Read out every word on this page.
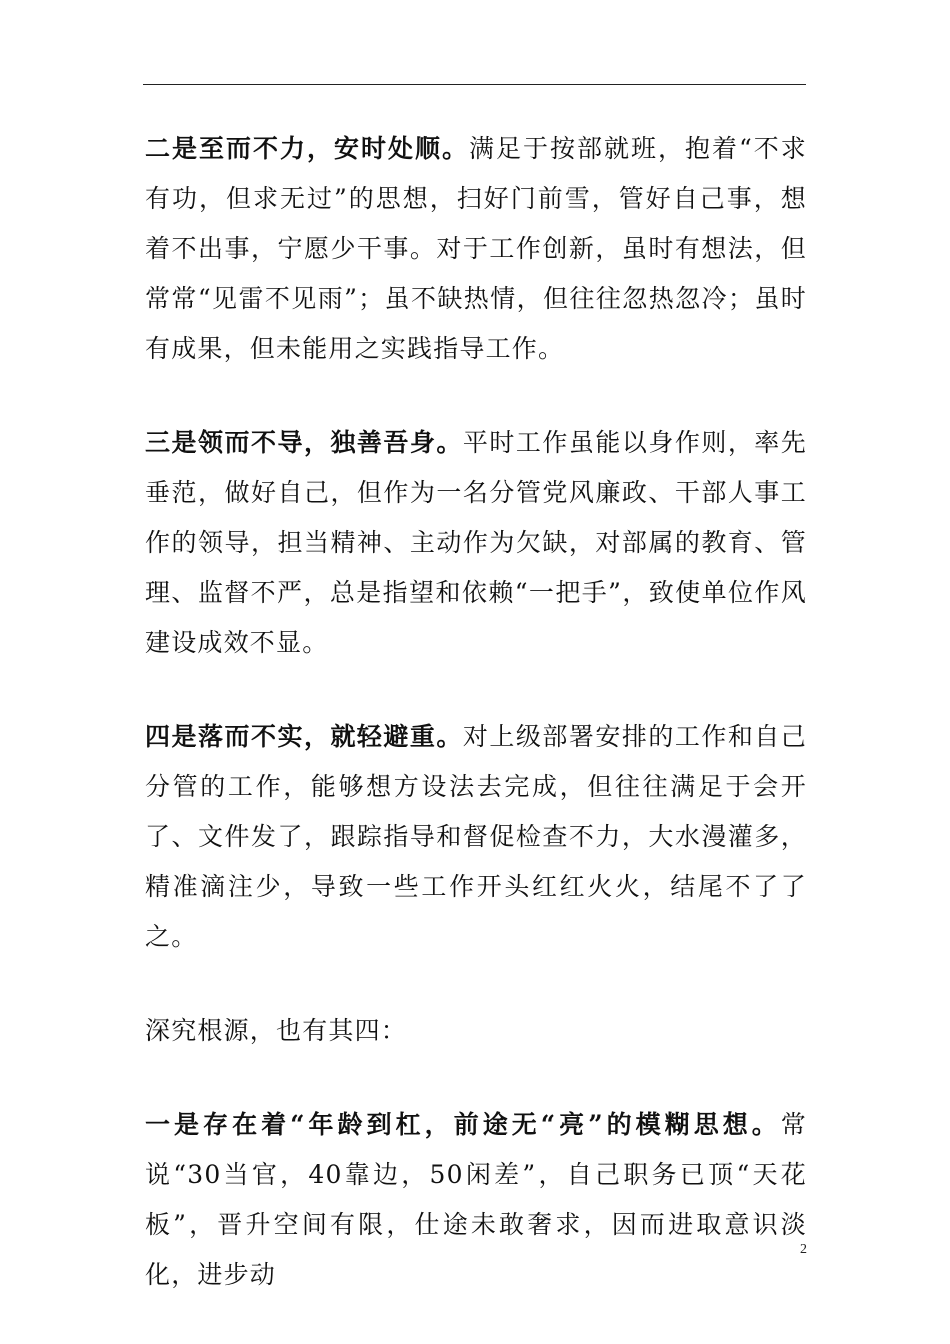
二是至而不力，安时处顺。满足于按部就班，抱着“不求有功，但求无过”的思想，扫好门前雪，管好自己事，想着不出事，宁愿少干事。对于工作创新，虽时有想法，但常常“见雷不见雨”；虽不缺热情，但往往忽热忽冷；虽时有成果，但未能用之实践指导工作。

三是领而不导，独善吾身。平时工作虽能以身作则，率先垂范，做好自己，但作为一名分管党风廉政、干部人事工作的领导，担当精神、主动作为欠缺，对部属的教育、管理、监督不严，总是指望和依赖“一把手”，致使单位作风建设成效不显。

四是落而不实，就轻避重。对上级部署安排的工作和自己分管的工作，能够想方设法去完成，但往往满足于会开了、文件发了，跟踪指导和督促检查不力，大水漫灌多，精准滴注少，导致一些工作开头红红火火，结尾不了了之。

深究根源，也有其四：

一是存在着“年龄到杠，前途无“亮”的模糊思想。常说“30当官，40靠边，50闲差”，自己职务已顶“天花板”，晋升空间有限，仕途未敢奢求，因而进取意识淡化，进步动

2
